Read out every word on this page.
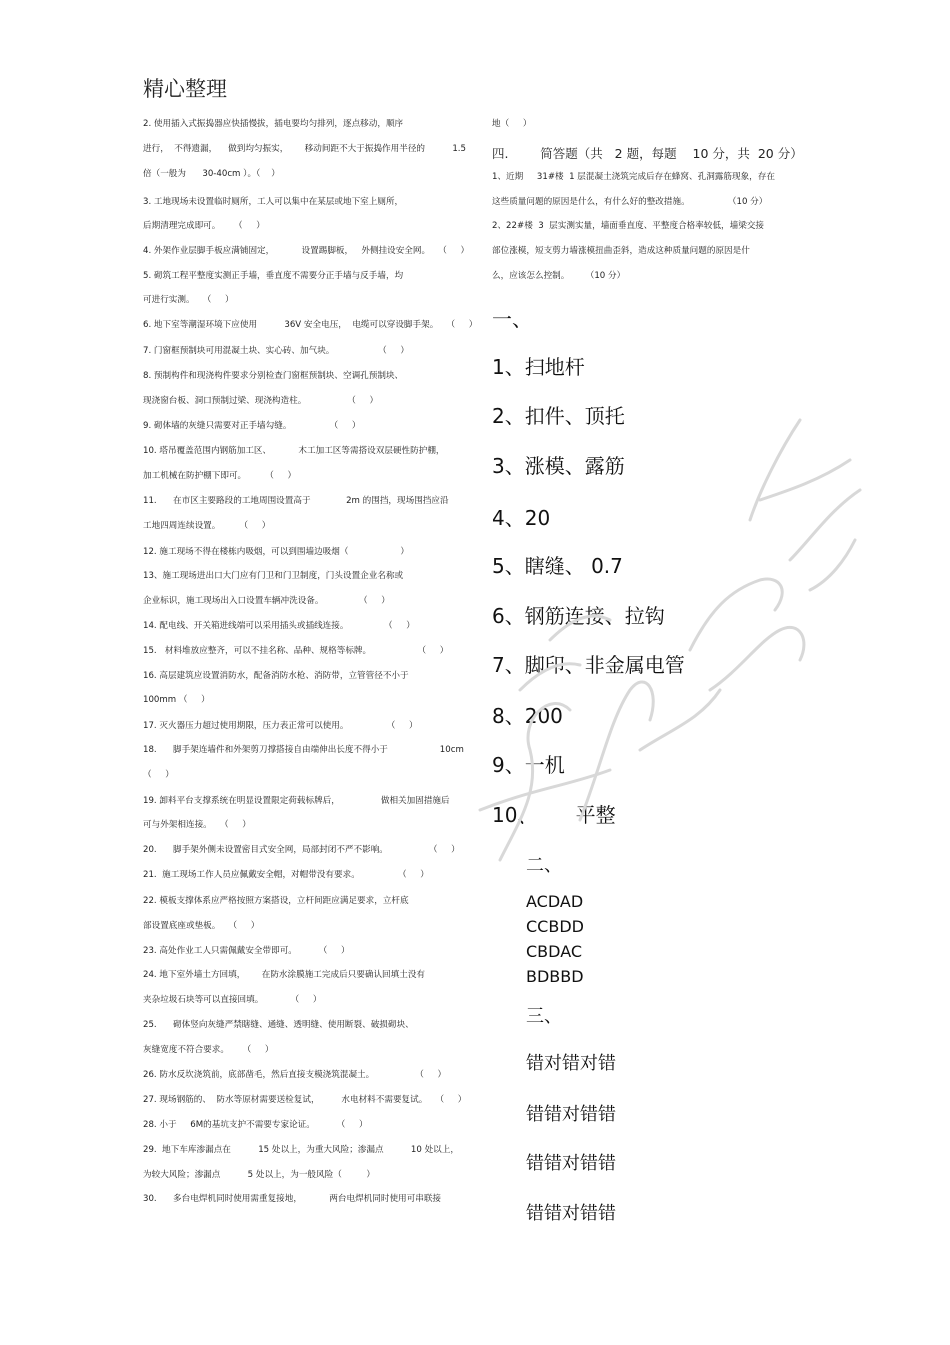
精心整理
2. 使用插入式振捣器应快插慢拔，插电要均匀排列，逐点移动，顺序
进行，  不得遗漏，    做到均匀振实，      移动间距不大于振捣作用半径的          1.5
倍（一般为      30-40cm ）。（    ）
3. 工地现场未设置临时厕所，工人可以集中在某层或地下室上厕所，
后期清理完成即可。     （     ）
4. 外架作业层脚手板应满铺固定，          设置踢脚板，   外侧挂设安全网。   （     ）
5. 砌筑工程平整度实测正手墙，垂直度不需要分正手墙与反手墙，均
可进行实测。   （     ）
6. 地下室等潮湿环境下应使用          36V 安全电压，  电缆可以穿设脚手架。   （     ）
7. 门窗框预制块可用混凝土块、实心砖、加气块。                （     ）
8. 预制构件和现浇构件要求分别检查门窗框预制块、空调孔预制块、
现浇窗台板、洞口预制过梁、现浇构造柱。               （     ）
9. 砌体墙的灰缝只需要对正手墙勾缝。              （     ）
10. 塔吊覆盖范围内钢筋加工区、          木工加工区等需搭设双层硬性防护棚，
加工机械在防护棚下即可。       （     ）
11.      在市区主要路段的工地周围设置高于             2m 的围挡，现场围挡应沿
工地四周连续设置。       （     ）
12. 施工现场不得在楼栋内吸烟，可以到围墙边吸烟（                   ）
13、施工现场进出口大门应有门卫和门卫制度，门头设置企业名称或
企业标识，施工现场出入口设置车辆冲洗设备。             （     ）
14. 配电线、开关箱进线端可以采用插头或插线连接。             （     ）
15.   材料堆放应整齐，可以不挂名称、品种、规格等标牌。                 （     ）
16. 高层建筑应设置消防水，配备消防水枪、消防带，立管管径不小于
100mm （     ）
17. 灭火器压力超过使用期限，压力表正常可以使用。              （     ）
18.      脚手架连墙件和外架剪刀撑搭接自由端伸出长度不得小于                   10cm
（     ）
19. 卸料平台支撑系统在明显设置限定荷载标牌后，               做相关加固措施后
可与外架相连接。   （     ）
20.      脚手架外侧未设置密目式安全网，局部封闭不严不影响。               （     ）
21.  施工现场工作人员应佩戴安全帽，对帽带没有要求。              （     ）
22. 模板支撑体系应严格按照方案搭设，立杆间距应满足要求，立杆底
部设置底座或垫板。   （     ）
23. 高处作业工人只需佩戴安全带即可。        （     ）
24. 地下室外墙土方回填，      在防水涂膜施工完成后只要确认回填土没有
夹杂垃圾石块等可以直接回填。          （     ）
25.      砌体竖向灰缝严禁瞎缝、通缝、透明缝、使用断裂、破损砌块、
灰缝宽度不符合要求。     （     ）
26. 防水反坎浇筑前，底部凿毛，然后直接支模浇筑混凝土。               （     ）
27. 现场钢筋的、  防水等原材需要送检复试，        水电材料不需要复试。   （     ）
28. 小于     6M的基坑支护不需要专家论证。        （     ）
29.  地下车库渗漏点在          15 处以上，为重大风险；渗漏点          10 处以上，
为较大风险；渗漏点          5 处以上，为一般风险（         ）
30.      多台电焊机同时使用需重复接地，          两台电焊机同时使用可串联接
地（     ）
四.        简答题（共   2 题，每题    10 分，共  20 分）
1、近期     31#楼  1 层混凝土浇筑完成后存在蜂窝、孔洞露筋现象，存在
这些质量问题的原因是什么，有什么好的整改措施。              （10 分）
2、22#楼  3  层实测实量，墙面垂直度、平整度合格率较低，墙梁交接
部位涨模，短支剪力墙涨模扭曲歪斜，造成这种质量问题的原因是什
么，应该怎么控制。      （10 分）
一、
1、扫地杆
2、扣件、顶托
3、涨模、露筋
4、20
5、瞎缝、 0.7
6、钢筋连接、拉钩
7、脚印、非金属电管
8、200
9、一机
10、      平整
二、
ACDAD
CCBDD
CBDAC
BDBBD
三、
错对错对错
错错对错错
错错对错错
错错对错错
